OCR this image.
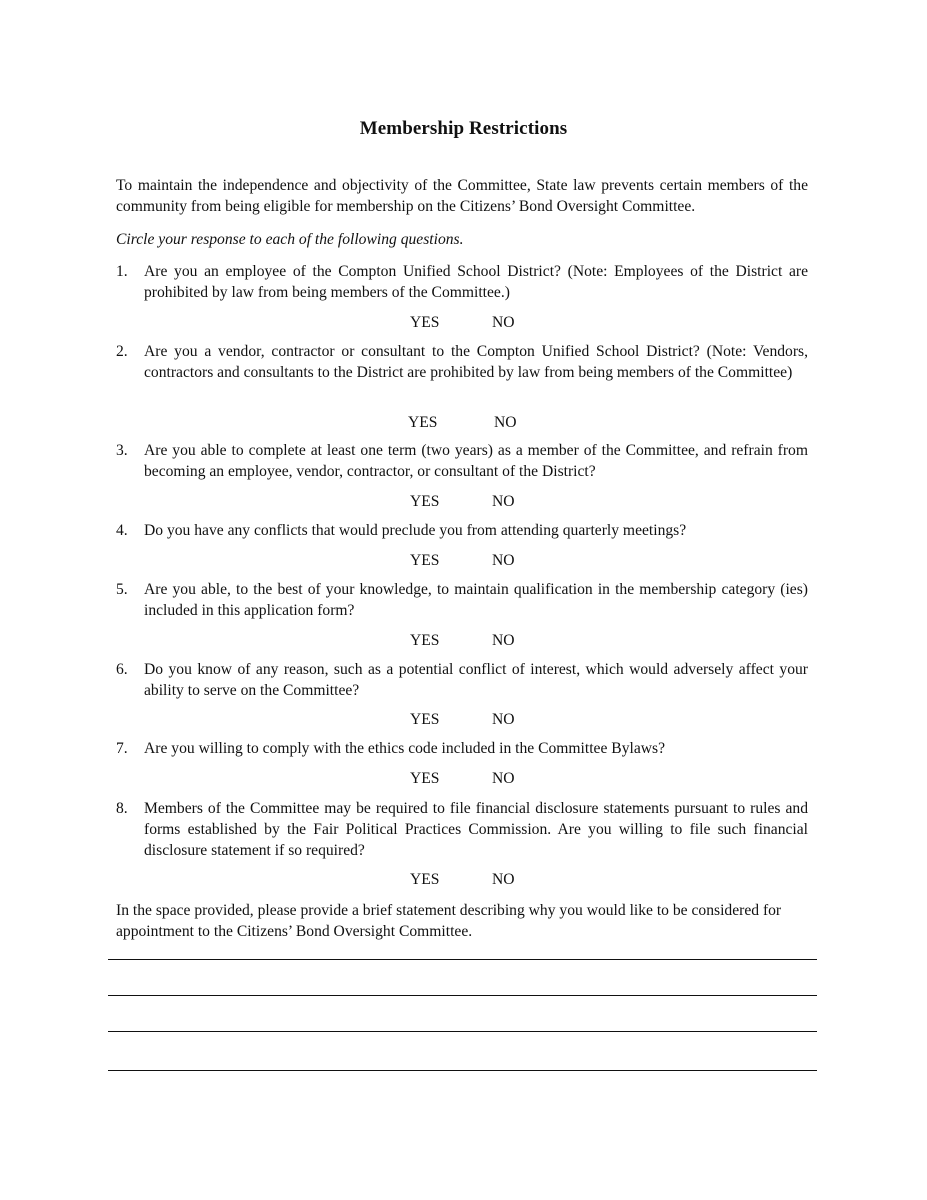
Membership Restrictions

To maintain the independence and objectivity of the Committee, State law prevents certain members of the community from being eligible for membership on the Citizens’ Bond Oversight Committee.

Circle your response to each of the following questions.

1. Are you an employee of the Compton Unified School District? (Note: Employees of the District are prohibited by law from being members of the Committee.)
YES	NO
2. Are you a vendor, contractor or consultant to the Compton Unified School District? (Note: Vendors, contractors and consultants to the District are prohibited by law from being members of the Committee)
YES	NO
3. Are you able to complete at least one term (two years) as a member of the Committee, and refrain from becoming an employee, vendor, contractor, or consultant of the District?
YES	NO
4. Do you have any conflicts that would preclude you from attending quarterly meetings?
YES	NO
5. Are you able, to the best of your knowledge, to maintain qualification in the membership category (ies) included in this application form?
YES	NO
6. Do you know of any reason, such as a potential conflict of interest, which would adversely affect your ability to serve on the Committee?
YES	NO
7. Are you willing to comply with the ethics code included in the Committee Bylaws?
YES	NO
8. Members of the Committee may be required to file financial disclosure statements pursuant to rules and forms established by the Fair Political Practices Commission. Are you willing to file such financial disclosure statement if so required?
YES	NO

In the space provided, please provide a brief statement describing why you would like to be considered for appointment to the Citizens’ Bond Oversight Committee.
